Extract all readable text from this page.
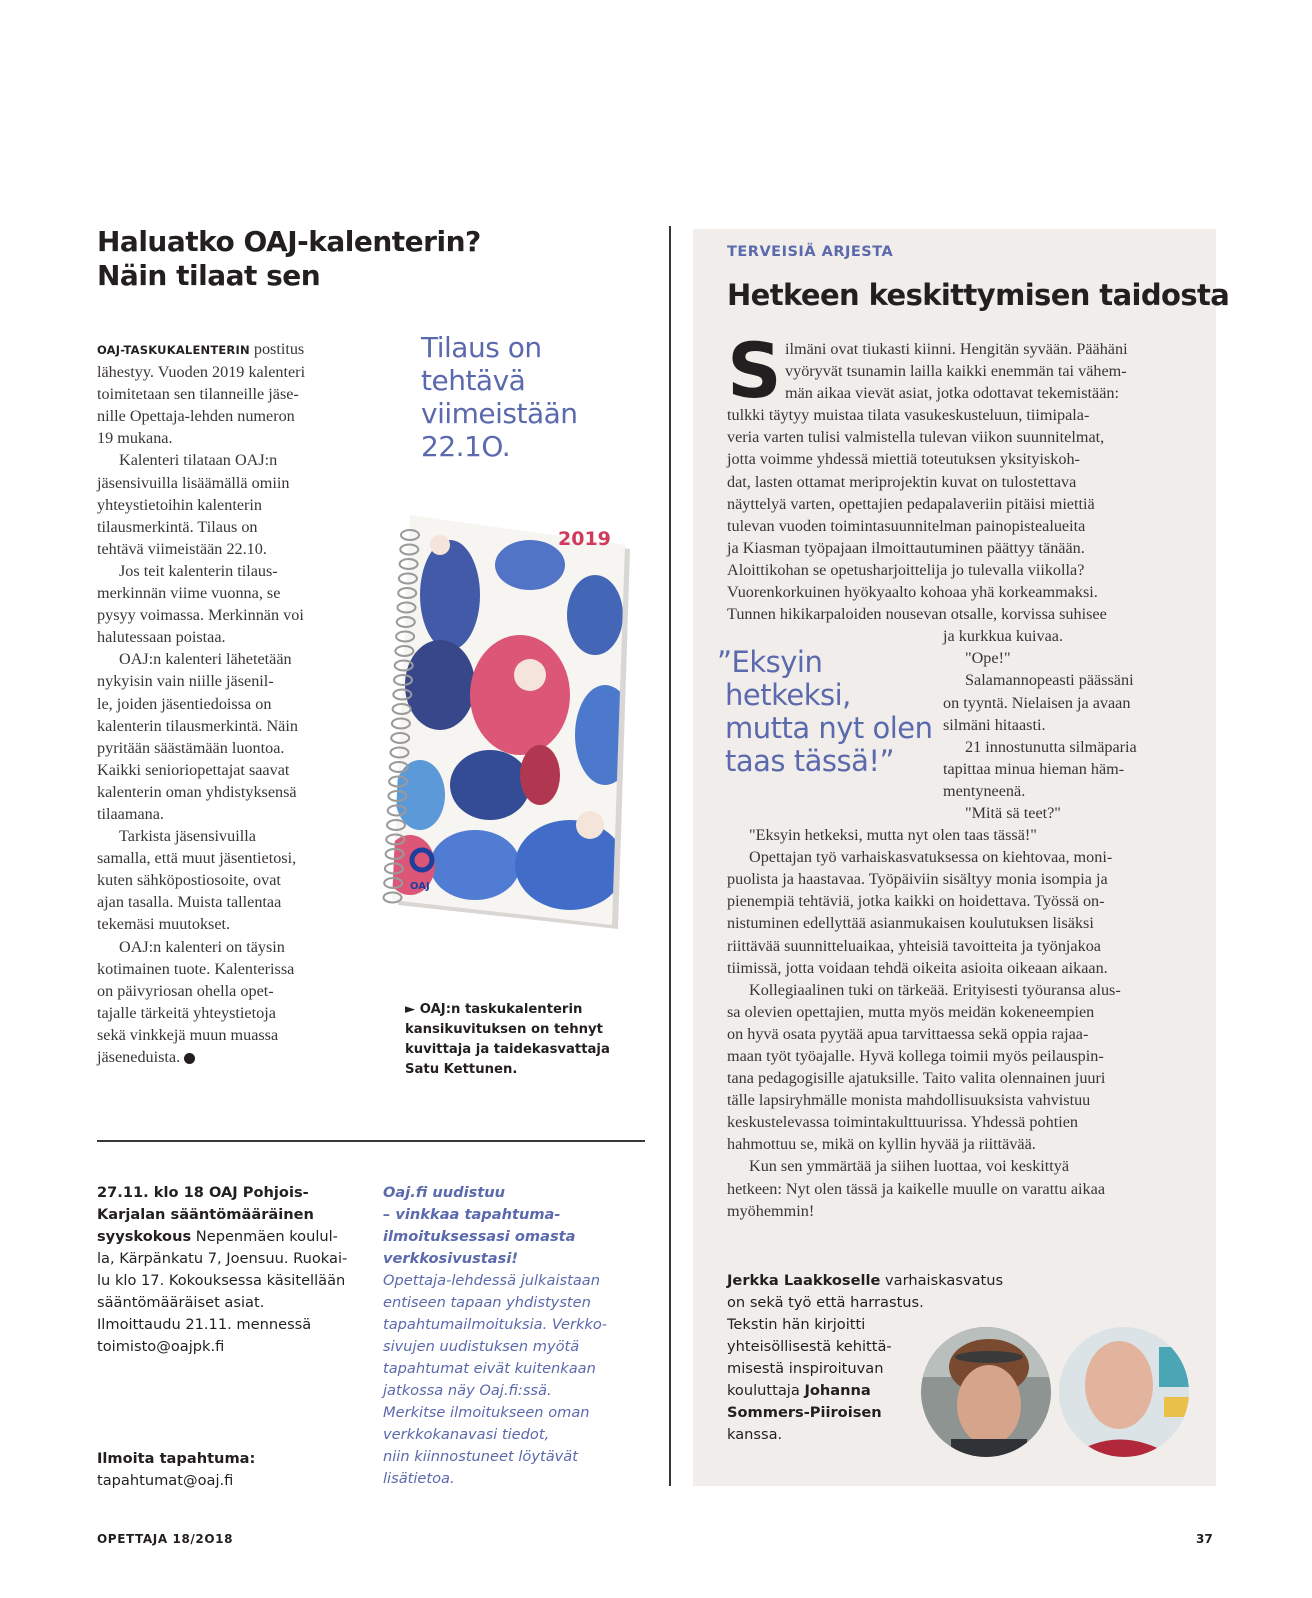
Haluatko OAJ-kalenterin?
Näin tilaat sen
OAJ-TASKUKALENTERIN postitus
lähestyy. Vuoden 2019 kalenteri
toimitetaan sen tilanneille jäse-
nille Opettaja-lehden numeron
19 mukana.
Kalenteri tilataan OAJ:n
jäsensivuilla lisäämällä omiin
yhteystietoihin kalenterin
tilausmerkintä. Tilaus on
tehtävä viimeistään 22.10.
Jos teit kalenterin tilaus-
merkinnän viime vuonna, se
pysyy voimassa. Merkinnän voi
halutessaan poistaa.
OAJ:n kalenteri lähetetään
nykyisin vain niille jäsenil-
le, joiden jäsentiedoissa on
kalenterin tilausmerkintä. Näin
pyritään säästämään luontoa.
Kaikki senioriopettajat saavat
kalenterin oman yhdistyksensä
tilaamana.
Tarkista jäsensivuilla
samalla, että muut jäsentietosi,
kuten sähköpostiosoite, ovat
ajan tasalla. Muista tallentaa
tekemäsi muutokset.
OAJ:n kalenteri on täysin
kotimainen tuote. Kalenterissa
on päivyriosan ohella opet-
tajalle tärkeitä yhteystietoja
sekä vinkkejä muun muassa
jäseneduista.
Tilaus on
tehtävä
viimeistään
22.1O.
2019
OAJ
► OAJ:n taskukalenterin
kansikuvituksen on tehnyt
kuvittaja ja taidekasvattaja
Satu Kettunen.
27.11. klo 18 OAJ Pohjois-
Karjalan sääntömääräinen
syyskokous Nepenmäen koulul-
la, Kärpänkatu 7, Joensuu. Ruokai-
lu klo 17. Kokouksessa käsitellään
sääntömääräiset asiat.
Ilmoittaudu 21.11. mennessä
toimisto@oajpk.fi
Ilmoita tapahtuma:
tapahtumat@oaj.fi
Oaj.fi uudistuu
– vinkkaa tapahtuma-
ilmoituksessasi omasta
verkkosivustasi!
Opettaja-lehdessä julkaistaan
entiseen tapaan yhdistysten
tapahtumailmoituksia. Verkko-
sivujen uudistuksen myötä
tapahtumat eivät kuitenkaan
jatkossa näy Oaj.fi:ssä.
Merkitse ilmoitukseen oman
verkkokanavasi tiedot,
niin kiinnostuneet löytävät
lisätietoa.
TERVEISIÄ ARJESTA
Hetkeen keskittymisen taidosta
S ilmäni ovat tiukasti kiinni. Hengitän syvään. Päähäni
vyöryvät tsunamin lailla kaikki enemmän tai vähem-
män aikaa vievät asiat, jotka odottavat tekemistään:
tulkki täytyy muistaa tilata vasukeskusteluun, tiimipala-
veria varten tulisi valmistella tulevan viikon suunnitelmat,
jotta voimme yhdessä miettiä toteutuksen yksityiskoh-
dat, lasten ottamat meriprojektin kuvat on tulostettava
näyttelyä varten, opettajien pedapalaveriin pitäisi miettiä
tulevan vuoden toimintasuunnitelman painopistealueita
ja Kiasman työpajaan ilmoittautuminen päättyy tänään.
Aloittikohan se opetusharjoittelija jo tulevalla viikolla?
Vuorenkorkuinen hyökyaalto kohoaa yhä korkeammaksi.
Tunnen hikikarpaloiden nousevan otsalle, korvissa suhisee
ja kurkkua kuivaa.
"Ope!"
Salamannopeasti päässäni
on tyyntä. Nielaisen ja avaan
silmäni hitaasti.
21 innostunutta silmäparia
tapittaa minua hieman häm-
mentyneenä.
"Mitä sä teet?"
"Eksyin hetkeksi, mutta nyt olen taas tässä!"
Opettajan työ varhaiskasvatuksessa on kiehtovaa, moni-
puolista ja haastavaa. Työpäiviin sisältyy monia isompia ja
pienempiä tehtäviä, jotka kaikki on hoidettava. Työssä on-
nistuminen edellyttää asianmukaisen koulutuksen lisäksi
riittävää suunnitteluaikaa, yhteisiä tavoitteita ja työnjakoa
tiimissä, jotta voidaan tehdä oikeita asioita oikeaan aikaan.
Kollegiaalinen tuki on tärkeää. Erityisesti työuransa alus-
sa olevien opettajien, mutta myös meidän kokeneempien
on hyvä osata pyytää apua tarvittaessa sekä oppia rajaa-
maan työt työajalle. Hyvä kollega toimii myös peilauspin-
tana pedagogisille ajatuksille. Taito valita olennainen juuri
tälle lapsiryhmälle monista mahdollisuuksista vahvistuu
keskustelevassa toimintakulttuurissa. Yhdessä pohtien
hahmottuu se, mikä on kyllin hyvää ja riittävää.
Kun sen ymmärtää ja siihen luottaa, voi keskittyä
hetkeen: Nyt olen tässä ja kaikelle muulle on varattu aikaa
myöhemmin!
”Eksyin
hetkeksi,
mutta nyt olen
taas tässä!”
Jerkka Laakkoselle varhaiskasvatus
on sekä työ että harrastus.
Tekstin hän kirjoitti
yhteisöllisestä kehittä-
misestä inspiroituvan
kouluttaja Johanna
Sommers-Piiroisen
kanssa.
OPETTAJA 18/2O18	37
